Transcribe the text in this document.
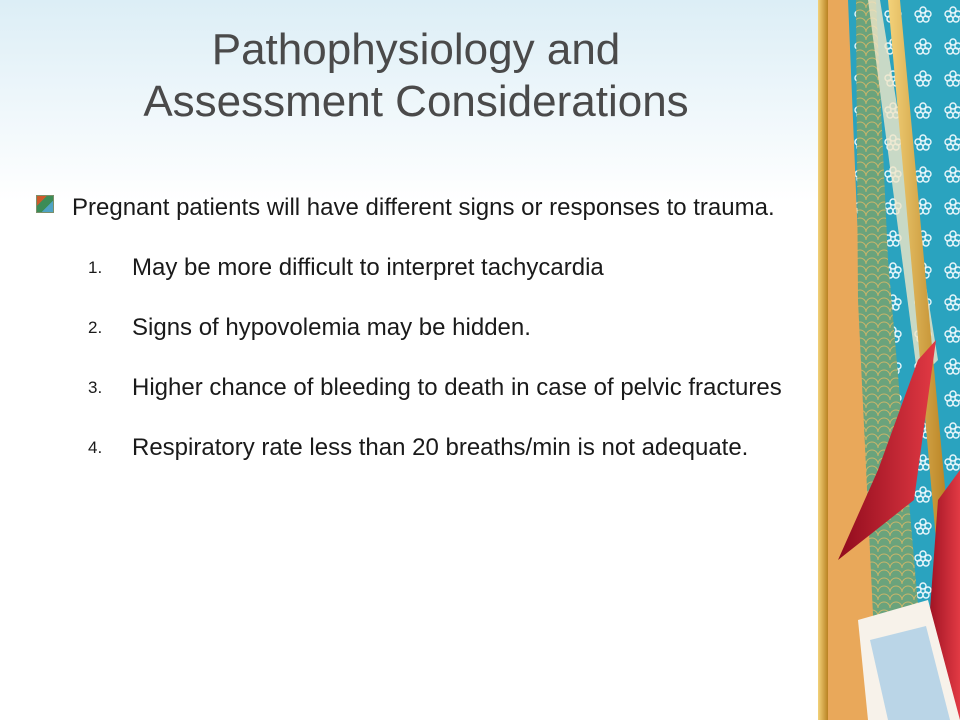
Pathophysiology and
Assessment Considerations

Pregnant patients will have different signs or responses to trauma.

1. May be more difficult to interpret tachycardia
2. Signs of hypovolemia may be hidden.
3. Higher chance of bleeding to death in case of pelvic fractures
4. Respiratory rate less than 20 breaths/min is not adequate.
